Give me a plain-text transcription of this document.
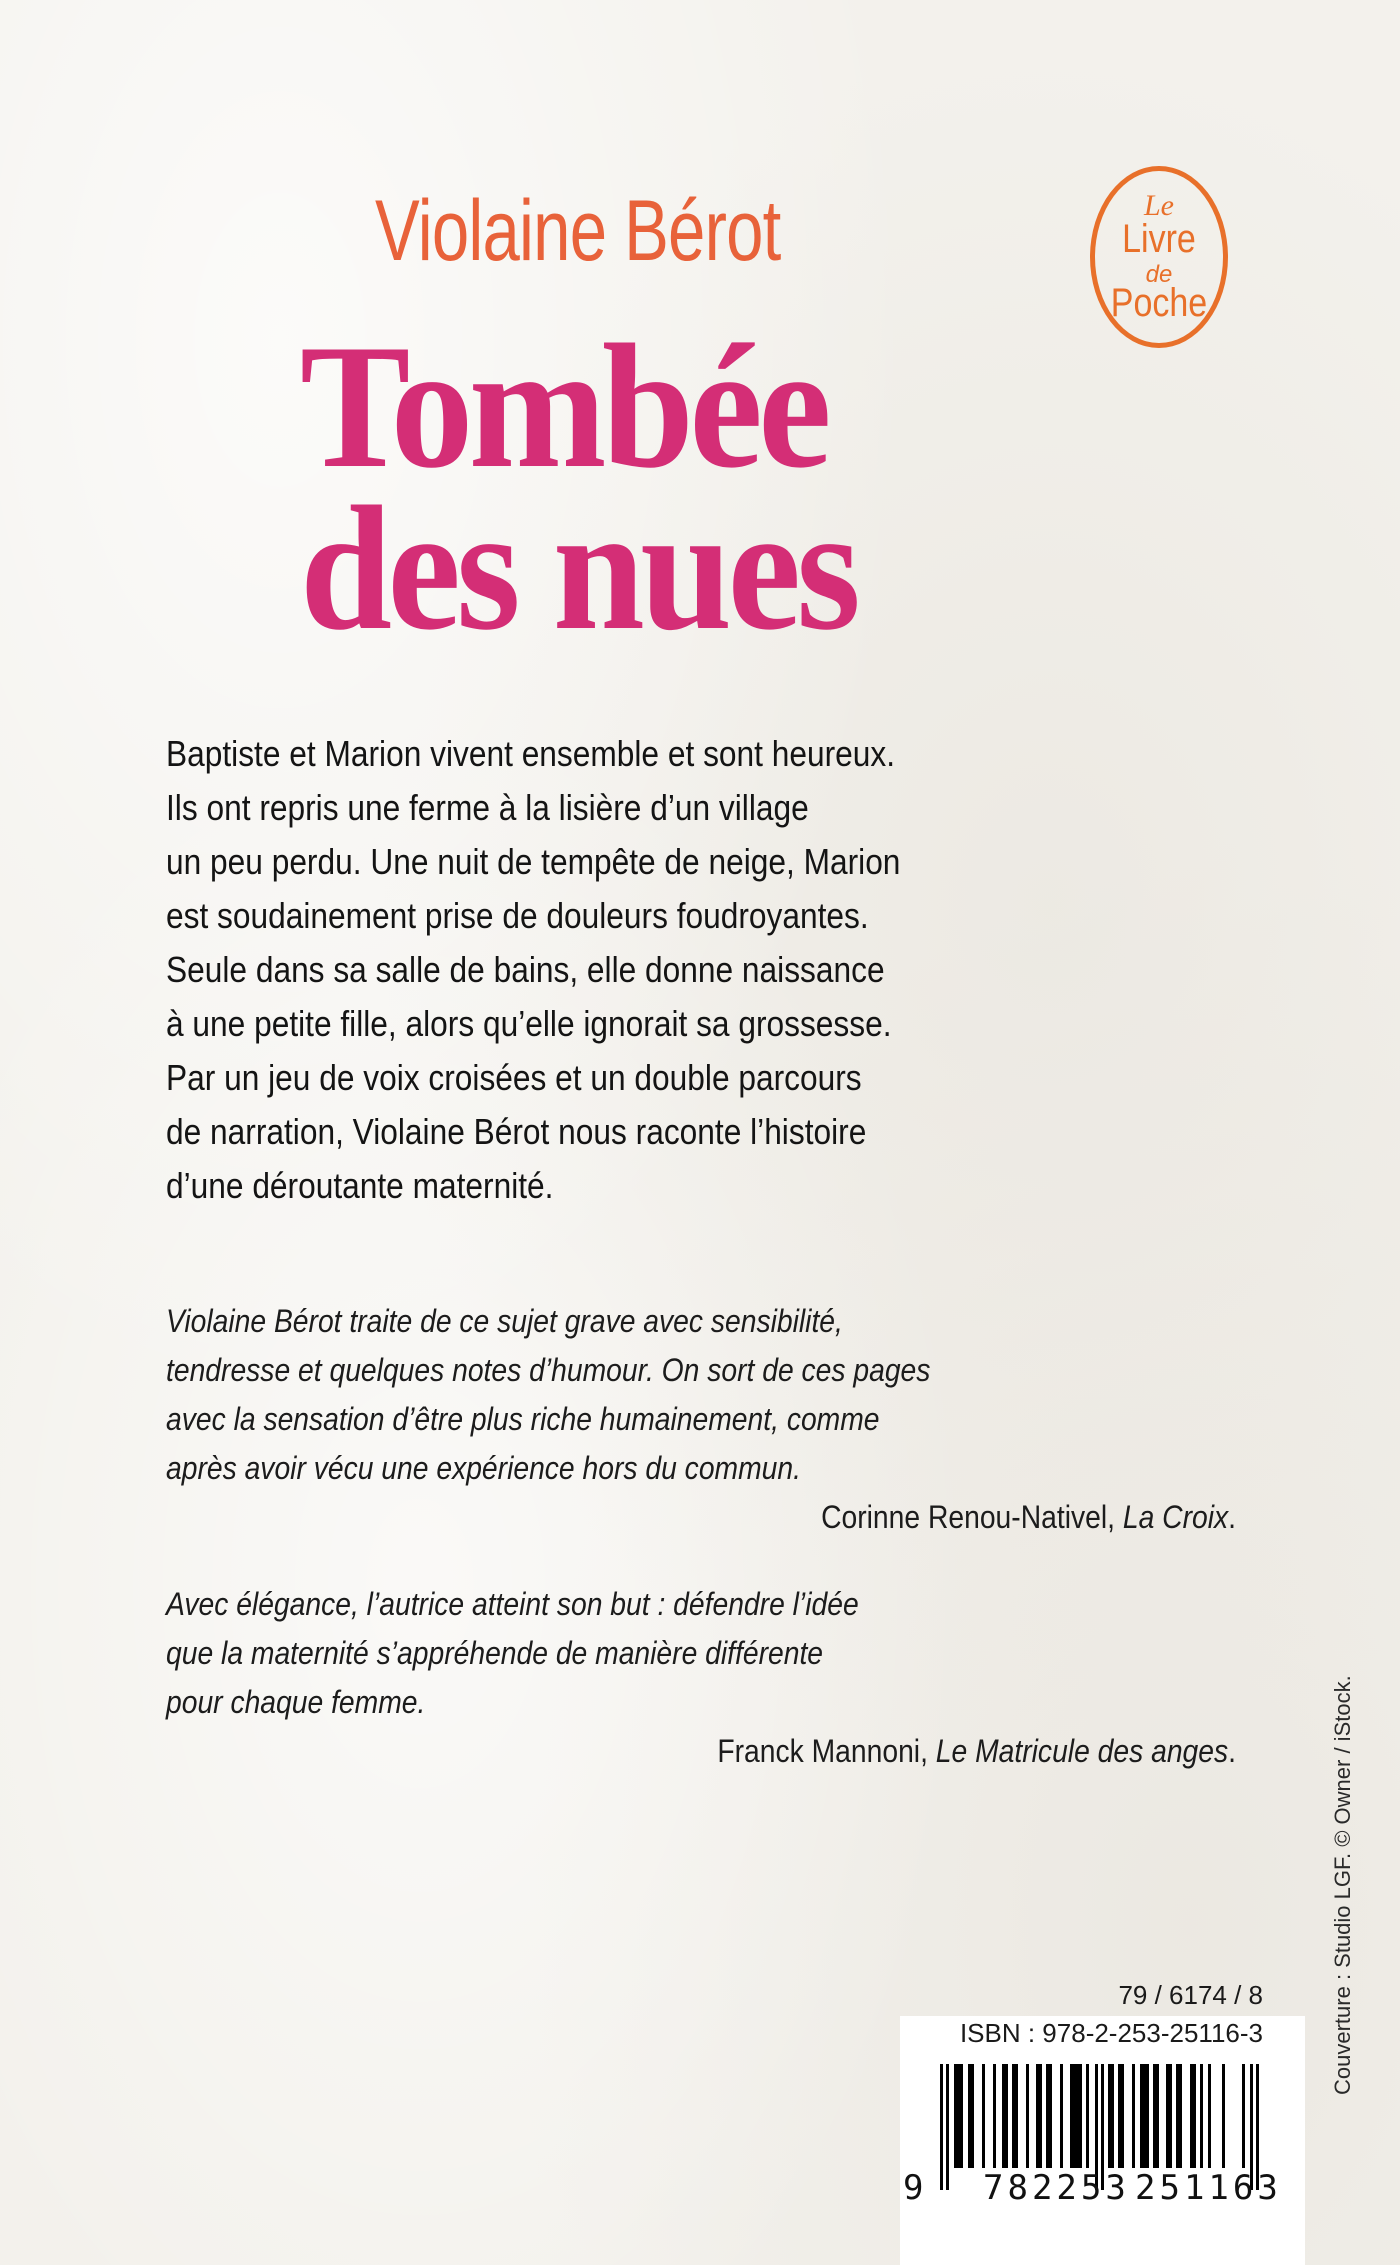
Violaine Bérot
Tombée
des nues
Le
Livre
de
Poche
Baptiste et Marion vivent ensemble et sont heureux.
Ils ont repris une ferme à la lisière d’un village
un peu perdu. Une nuit de tempête de neige, Marion
est soudainement prise de douleurs foudroyantes.
Seule dans sa salle de bains, elle donne naissance
à une petite fille, alors qu’elle ignorait sa grossesse.
Par un jeu de voix croisées et un double parcours
de narration, Violaine Bérot nous raconte l’histoire
d’une déroutante maternité.
Violaine Bérot traite de ce sujet grave avec sensibilité,
tendresse et quelques notes d’humour. On sort de ces pages
avec la sensation d’être plus riche humainement, comme
après avoir vécu une expérience hors du commun.
Corinne Renou-Nativel, La Croix.
Avec élégance, l’autrice atteint son but : défendre l’idée
que la maternité s’appréhende de manière différente
pour chaque femme.
Franck Mannoni, Le Matricule des anges.	Couverture : Studio LGF. © Owner / iStock.
79 / 6174 / 8
ISBN : 978-2-253-25116-3
9 782253 251163
